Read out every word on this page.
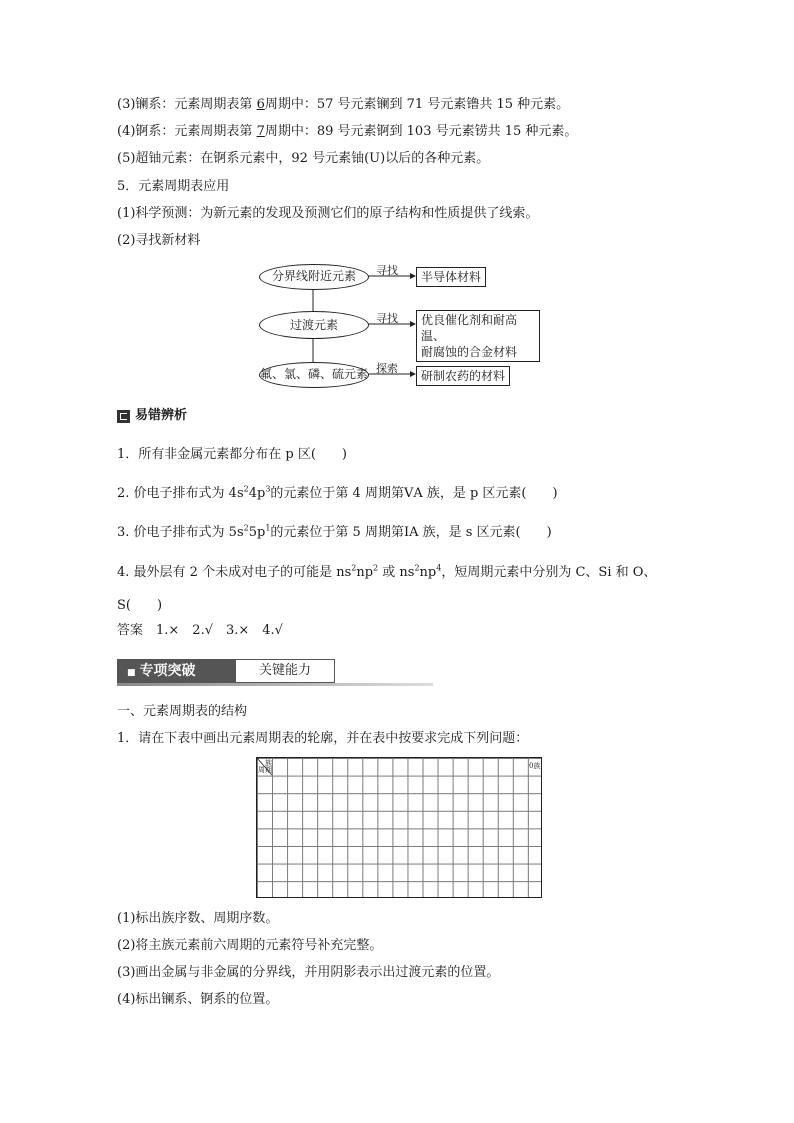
(3)镧系：元素周期表第 6周期中：57 号元素镧到 71 号元素镥共 15 种元素。
(4)锕系：元素周期表第 7周期中：89 号元素锕到 103 号元素铹共 15 种元素。
(5)超铀元素：在锕系元素中，92 号元素铀(U)以后的各种元素。
5．元素周期表应用
(1)科学预测：为新元素的发现及预测它们的原子结构和性质提供了线索。
(2)寻找新材料
分界线附近元素
过渡元素
氟、氯、磷、硫元素
寻找
寻找
探索
半导体材料
优良催化剂和耐高温、
耐腐蚀的合金材料
研制农药的材料
易错辨析
1．所有非金属元素都分布在 p 区(　　)
2. 价电子排布式为 $4s^24p^3$的元素位于第 4 周期第ⅤA 族，是 p 区元素(　　)
3. 价电子排布式为 $5s^25p^1$的元素位于第 5 周期第ⅠA 族，是 s 区元素(　　)
4. 最外层有 2 个未成对电子的可能是 $ns^2np^2$ 或 $ns^2np^4$，短周期元素中分别为 C、Si 和 O、
S(　　)
答案　1.×　2.√　3.×　4.√
■ 专项突破	关键能力
一、元素周期表的结构
1．请在下表中画出元素周期表的轮廓，并在表中按要求完成下列问题：
族
周期	0族
(1)标出族序数、周期序数。
(2)将主族元素前六周期的元素符号补充完整。
(3)画出金属与非金属的分界线，并用阴影表示出过渡元素的位置。
(4)标出镧系、锕系的位置。
